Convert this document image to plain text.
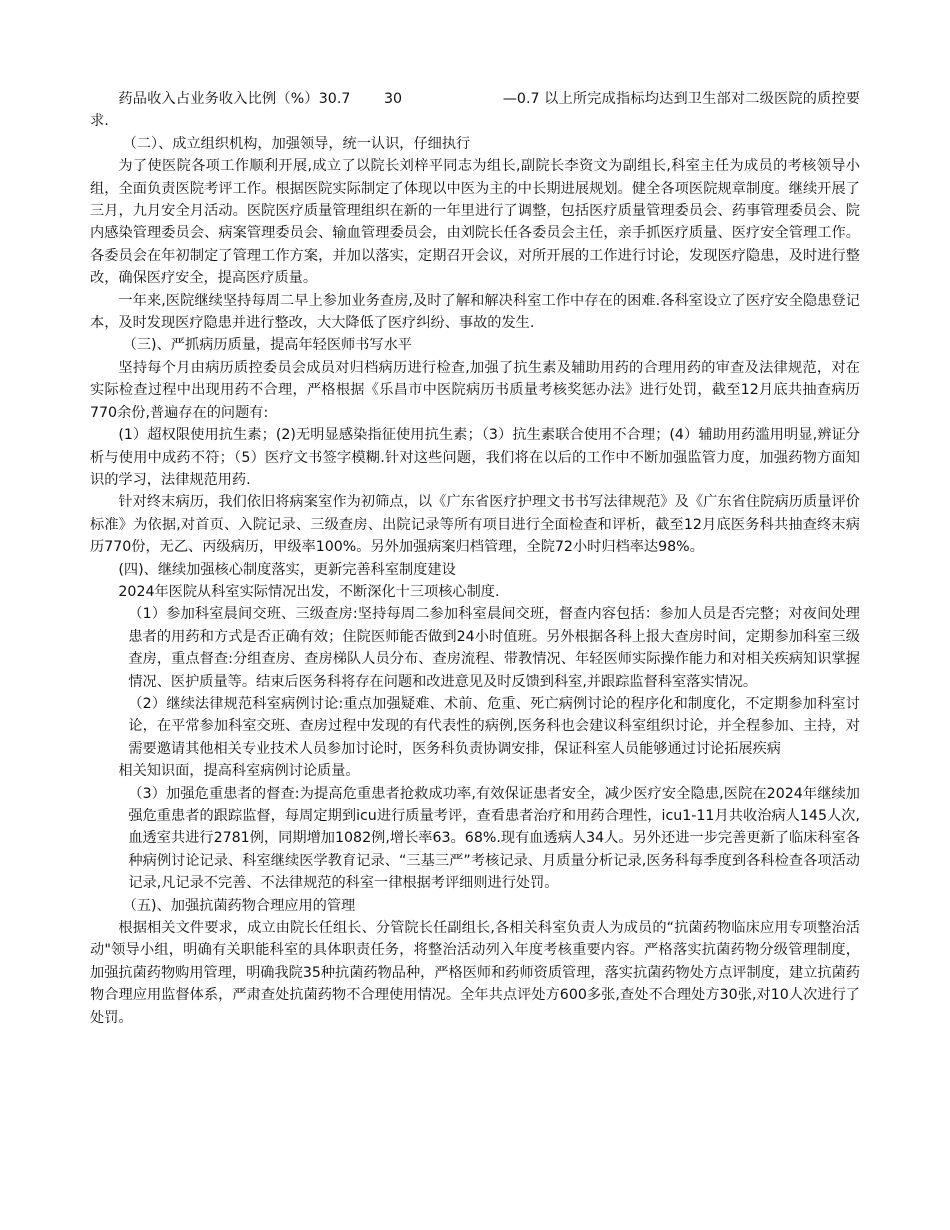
药品收入占业务收入比例（%）30.7　　 30　　　　　　　—0.7 以上所完成指标均达到卫生部对二级医院的质控要求.

（二）、成立组织机构，加强领导，统一认识，仔细执行

为了使医院各项工作顺利开展,成立了以院长刘梓平同志为组长,副院长李资文为副组长,科室主任为成员的考核领导小组，全面负责医院考评工作。根据医院实际制定了体现以中医为主的中长期进展规划。健全各项医院规章制度。继续开展了三月，九月安全月活动。医院医疗质量管理组织在新的一年里进行了调整，包括医疗质量管理委员会、药事管理委员会、院内感染管理委员会、病案管理委员会、输血管理委员会，由刘院长任各委员会主任，亲手抓医疗质量、医疗安全管理工作。各委员会在年初制定了管理工作方案，并加以落实，定期召开会议，对所开展的工作进行讨论，发现医疗隐患，及时进行整改，确保医疗安全，提高医疗质量。

一年来,医院继续坚持每周二早上参加业务查房,及时了解和解决科室工作中存在的困难.各科室设立了医疗安全隐患登记本，及时发现医疗隐患并进行整改，大大降低了医疗纠纷、事故的发生.

（三)、严抓病历质量，提高年轻医师书写水平

坚持每个月由病历质控委员会成员对归档病历进行检查,加强了抗生素及辅助用药的合理用药的审查及法律规范，对在实际检查过程中出现用药不合理，严格根据《乐昌市中医院病历书质量考核奖惩办法》进行处罚，截至12月底共抽查病历770余份,普遍存在的问题有:

(1）超权限使用抗生素；(2)无明显感染指征使用抗生素；（3）抗生素联合使用不合理；(4）辅助用药滥用明显,辨证分析与使用中成药不符；（5）医疗文书签字模糊.针对这些问题，我们将在以后的工作中不断加强监管力度，加强药物方面知识的学习，法律规范用药.

针对终末病历，我们依旧将病案室作为初筛点，以《广东省医疗护理文书书写法律规范》及《广东省住院病历质量评价标准》为依据,对首页、入院记录、三级查房、出院记录等所有项目进行全面检查和评析，截至12月底医务科共抽查终末病历770份，无乙、丙级病历，甲级率100%。另外加强病案归档管理，全院72小时归档率达98%。

(四)、继续加强核心制度落实，更新完善科室制度建设

2024年医院从科室实际情况出发，不断深化十三项核心制度.

（1）参加科室晨间交班、三级查房:坚持每周二参加科室晨间交班，督查内容包括：参加人员是否完整；对夜间处理患者的用药和方式是否正确有效；住院医师能否做到24小时值班。另外根据各科上报大查房时间，定期参加科室三级查房，重点督查:分组查房、查房梯队人员分布、查房流程、带教情况、年轻医师实际操作能力和对相关疾病知识掌握情况、医护质量等。结束后医务科将存在问题和改进意见及时反馈到科室,并跟踪监督科室落实情况。

（2）继续法律规范科室病例讨论:重点加强疑难、术前、危重、死亡病例讨论的程序化和制度化，不定期参加科室讨论，在平常参加科室交班、查房过程中发现的有代表性的病例,医务科也会建议科室组织讨论，并全程参加、主持，对需要邀请其他相关专业技术人员参加讨论时，医务科负责协调安排，保证科室人员能够通过讨论拓展疾病

相关知识面，提高科室病例讨论质量。

（3）加强危重患者的督查:为提高危重患者抢救成功率,有效保证患者安全，减少医疗安全隐患,医院在2024年继续加强危重患者的跟踪监督，每周定期到icu进行质量考评，查看患者治疗和用药合理性，icu1-11月共收治病人145人次,血透室共进行2781例，同期增加1082例,增长率63。68%.现有血透病人34人。另外还进一步完善更新了临床科室各种病例讨论记录、科室继续医学教育记录、“三基三严”考核记录、月质量分析记录,医务科每季度到各科检查各项活动记录,凡记录不完善、不法律规范的科室一律根据考评细则进行处罚。

（五)、加强抗菌药物合理应用的管理

根据相关文件要求，成立由院长任组长、分管院长任副组长,各相关科室负责人为成员的“抗菌药物临床应用专项整治活动"领导小组，明确有关职能科室的具体职责任务，将整治活动列入年度考核重要内容。严格落实抗菌药物分级管理制度，加强抗菌药物购用管理，明确我院35种抗菌药物品种，严格医师和药师资质管理，落实抗菌药物处方点评制度，建立抗菌药物合理应用监督体系，严肃查处抗菌药物不合理使用情况。全年共点评处方600多张,查处不合理处方30张,对10人次进行了处罚。
